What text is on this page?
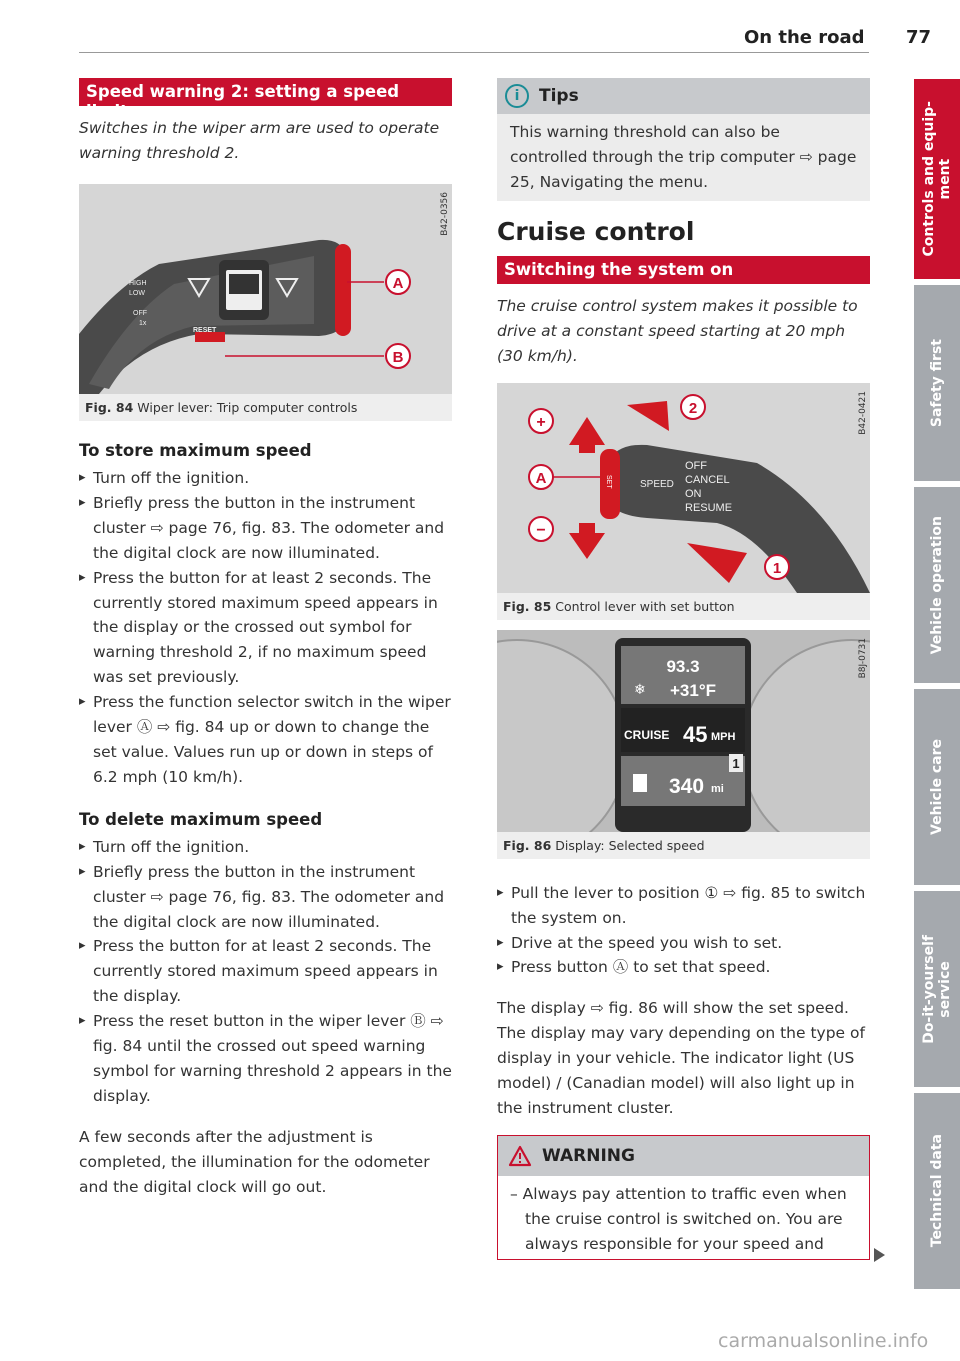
On the road 77
Speed warning 2: setting a speed limit

Switches in the wiper arm are used to operate warning threshold 2.

A
B
HIGH
LOW
OFF
1x
RESET
B42-0356
Fig. 84 Wiper lever: Trip computer controls
To store maximum speed
▸ Turn off the ignition.
▸ Briefly press the button in the instrument cluster ⇨ page 76, fig. 83. The odometer and the digital clock are now illuminated.
▸ Press the button for at least 2 seconds. The currently stored maximum speed appears in the display or the crossed out symbol for warning threshold 2, if no maximum speed was set previously.
▸ Press the function selector switch in the wiper lever Ⓐ ⇨ fig. 84 up or down to change the set value. Values run up or down in steps of 6.2 mph (10 km/h).
To delete maximum speed
▸ Turn off the ignition.
▸ Briefly press the button in the instrument cluster ⇨ page 76, fig. 83. The odometer and the digital clock are now illuminated.
▸ Press the button for at least 2 seconds. The currently stored maximum speed appears in the display.
▸ Press the reset button in the wiper lever Ⓑ ⇨ fig. 84 until the crossed out speed warning symbol for warning threshold 2 appears in the display.

A few seconds after the adjustment is completed, the illumination for the odometer and the digital clock will go out.

i	Tips
This warning threshold can also be controlled through the trip computer ⇨ page 25, Navigating the menu.
Cruise control
Switching the system on

The cruise control system makes it possible to drive at a constant speed starting at 20 mph (30 km/h).

+
A
−
2
1
SPEED
SET
OFF
CANCEL
ON
RESUME
B42-0421
Fig. 85 Control lever with set button
93.3
+31°F
❄
CRUISE 45 MPH
1
340 mi
B8J-0731
Fig. 86 Display: Selected speed
▸ Pull the lever to position ① ⇨ fig. 85 to switch the system on.
▸ Drive at the speed you wish to set.
▸ Press button Ⓐ to set that speed.

The display ⇨ fig. 86 will show the set speed. The display may vary depending on the type of display in your vehicle. The indicator light (US model) / (Canadian model) will also light up in the instrument cluster.

WARNING

– Always pay attention to traffic even when the cruise control is switched on. You are always responsible for your speed and

Controls and equip-
ment
Safety first
Vehicle operation
Vehicle care
Do-it-yourself
service
Technical data
carmanualsonline.info
